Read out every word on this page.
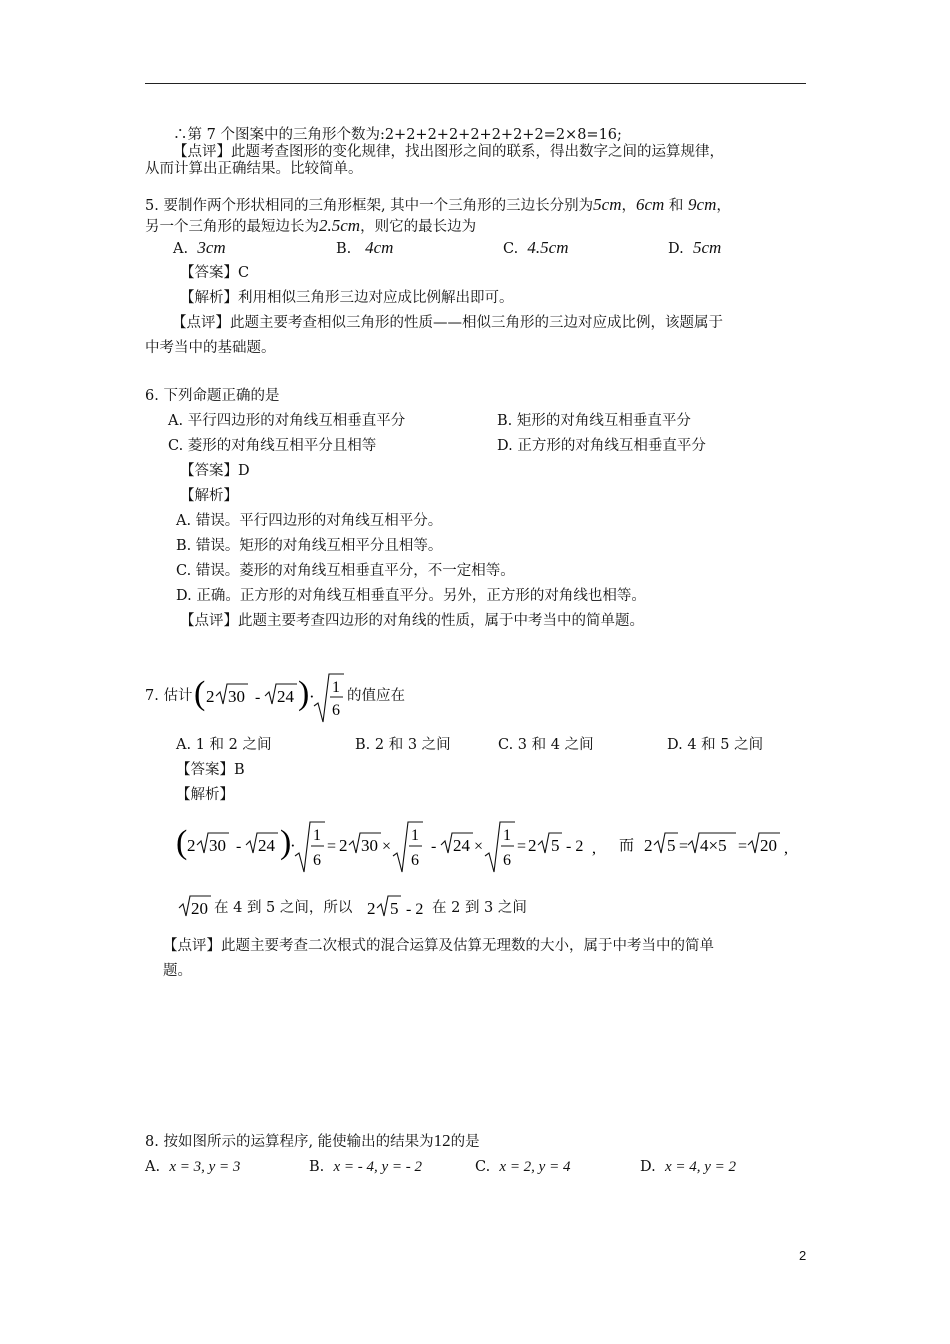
∴第 7 个图案中的三角形个数为:2+2+2+2+2+2+2+2=2×8=16;
【点评】此题考查图形的变化规律，找出图形之间的联系，得出数字之间的运算规律，
从而计算出正确结果。比较简单。
5. 要制作两个形状相同的三角形框架, 其中一个三角形的三边长分别为5cm，6cm 和 9cm，
另一个三角形的最短边长为2.5cm，则它的最长边为
A. 3cm	B. 4cm	C. 4.5cm	D. 5cm
【答案】C
【解析】利用相似三角形三边对应成比例解出即可。
【点评】此题主要考查相似三角形的性质——相似三角形的三边对应成比例，该题属于
中考当中的基础题。
6. 下列命题正确的是
A. 平行四边形的对角线互相垂直平分	B. 矩形的对角线互相垂直平分
C. 菱形的对角线互相平分且相等	D. 正方形的对角线互相垂直平分
【答案】D
【解析】
A. 错误。平行四边形的对角线互相平分。
B. 错误。矩形的对角线互相平分且相等。
C. 错误。菱形的对角线互相垂直平分，不一定相等。
D. 正确。正方形的对角线互相垂直平分。另外，正方形的对角线也相等。
【点评】此题主要考查四边形的对角线的性质，属于中考当中的简单题。
7. 估计 ( 2 30 - 24 ) · 1
6
的值应在
A. 1 和 2 之间	B. 2 和 3 之间	C. 3 和 4 之间	D. 4 和 5 之间
【答案】B
【解析】
( 2 30 - 24 )
·
1
6
= 2 30 ×
1
6
- 24 ×
1
6
= 2 5 - 2 , 而 2 5 = 4×5 = 20 ,
20 在 4 到 5 之间，所以 2 5 - 2 在 2 到 3 之间
【点评】此题主要考查二次根式的混合运算及估算无理数的大小，属于中考当中的简单
题。
8. 按如图所示的运算程序, 能使输出的结果为12的是
A. x = 3, y = 3	B. x = - 4, y = - 2	C. x = 2, y = 4	D. x = 4, y = 2
2
